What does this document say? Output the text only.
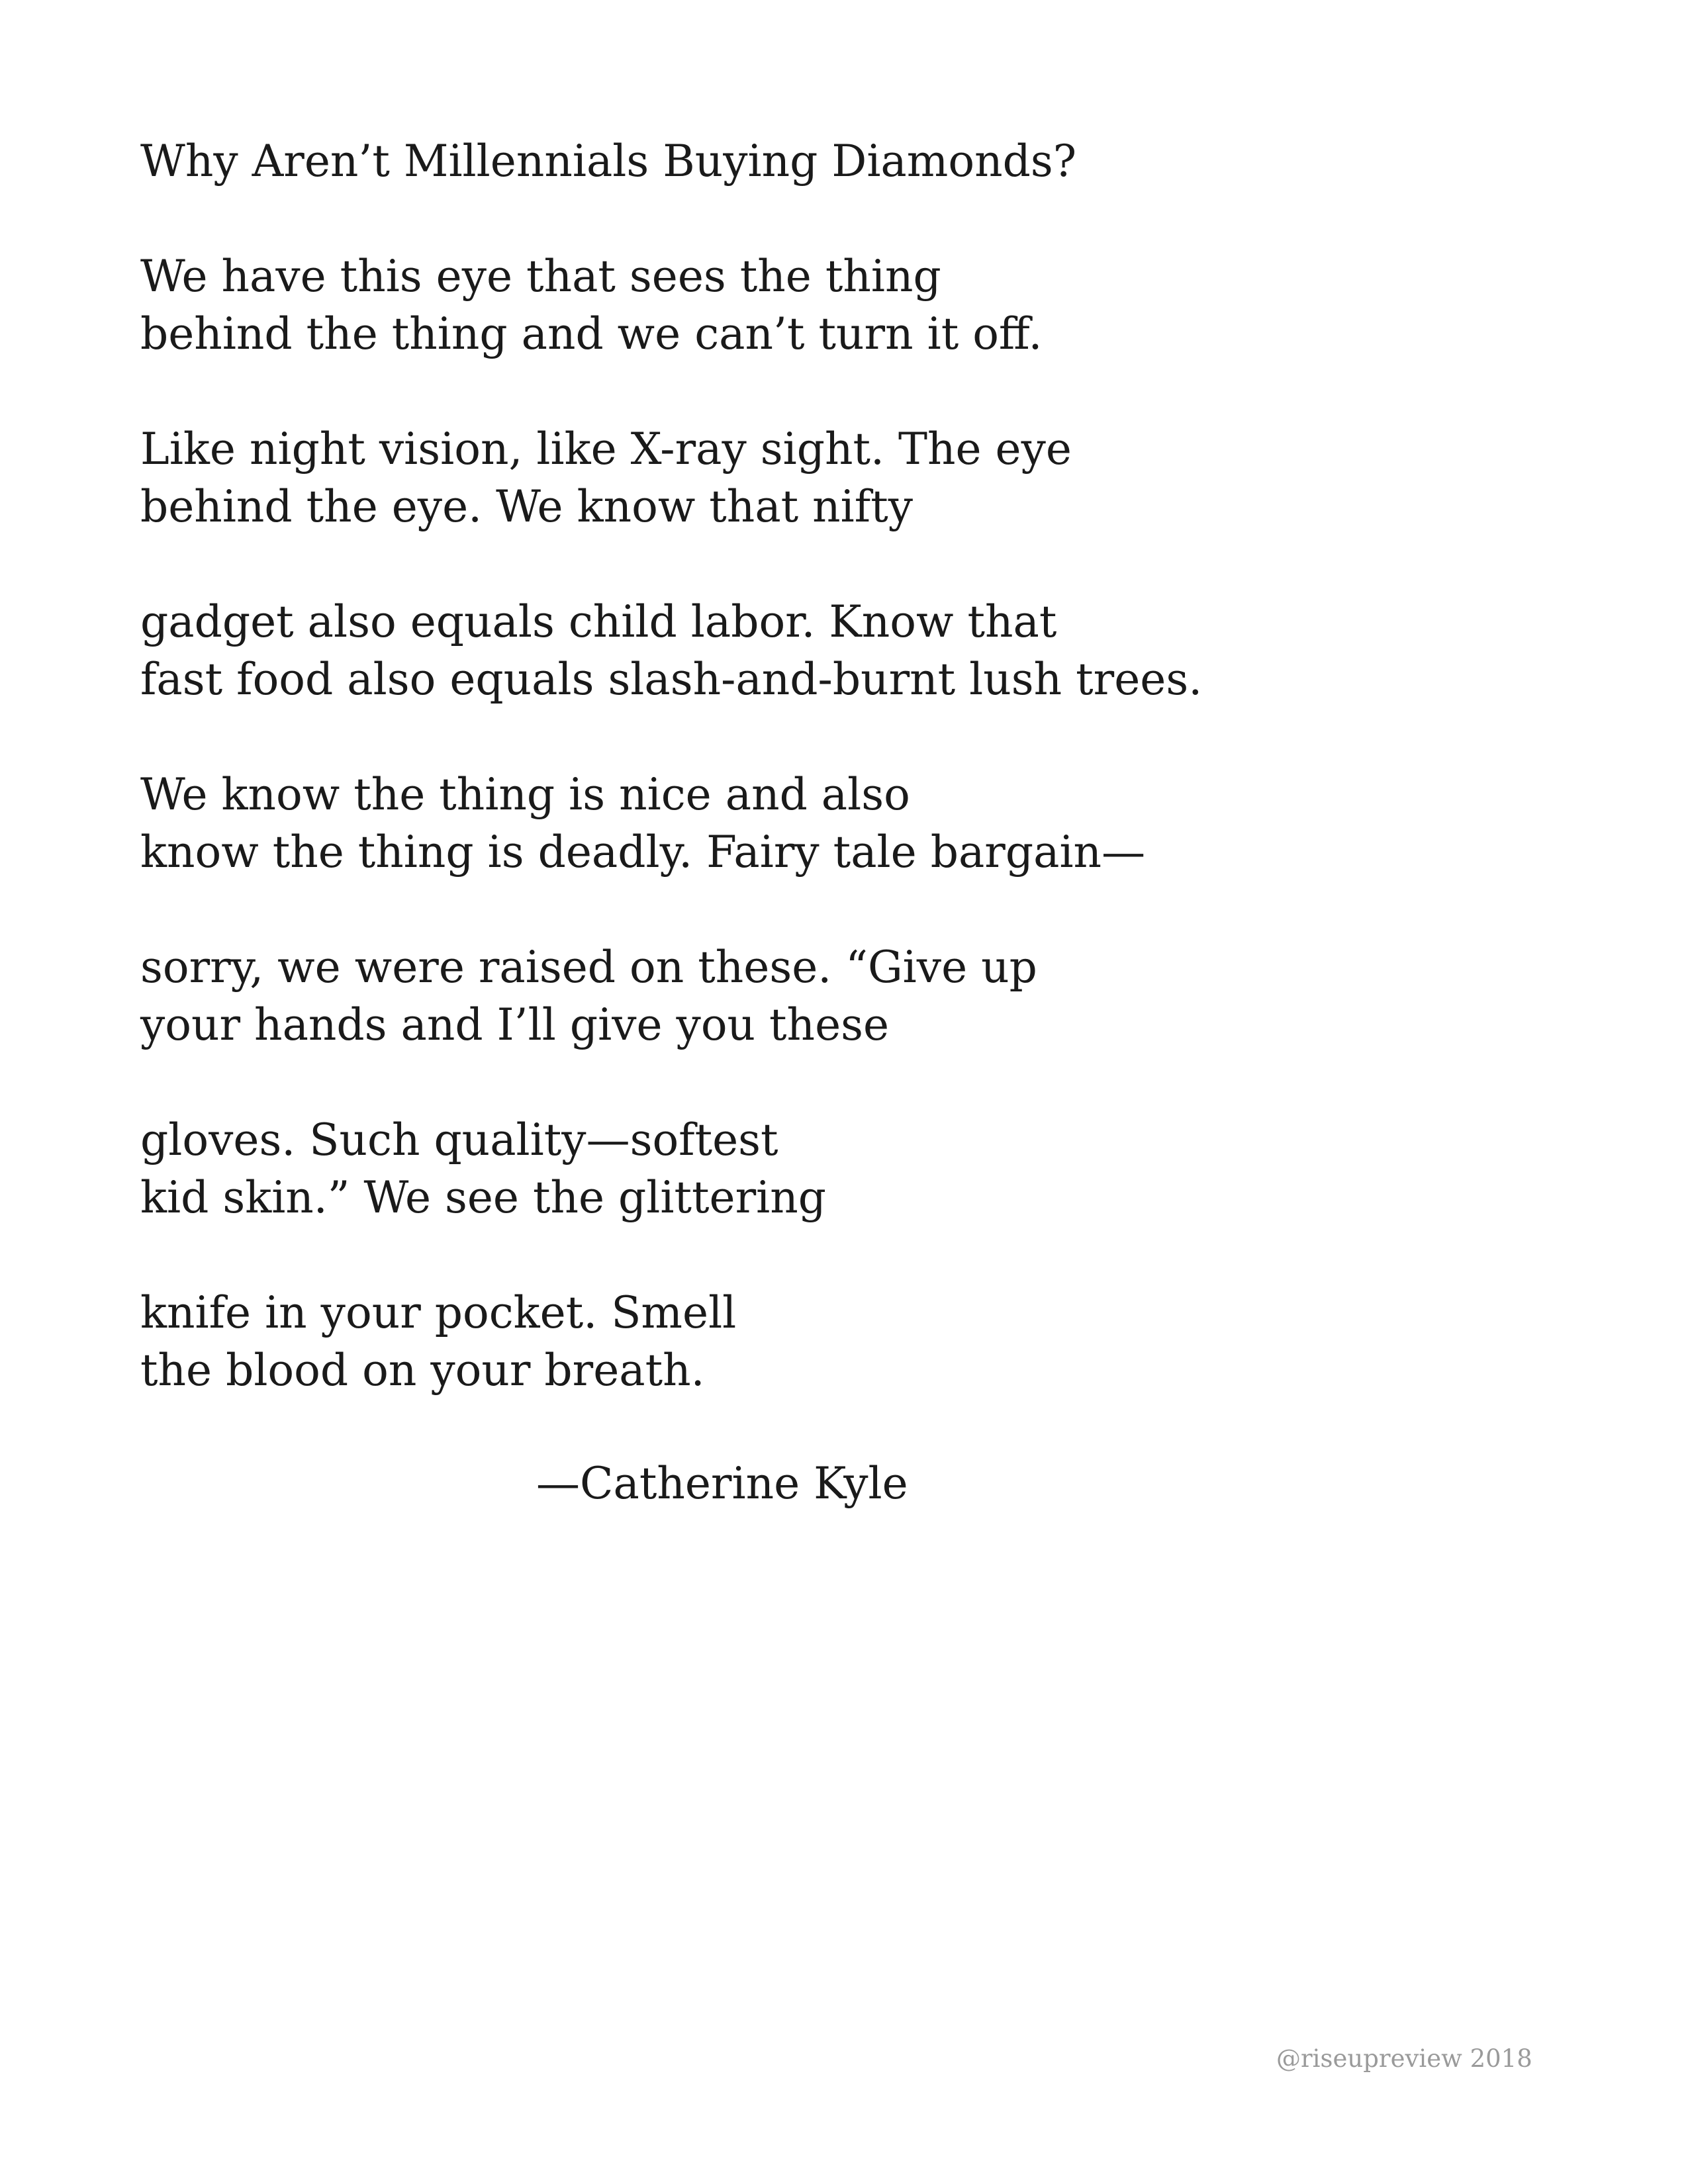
Why Aren’t Millennials Buying Diamonds?
We have this eye that sees the thing
behind the thing and we can’t turn it off.
Like night vision, like X-ray sight. The eye
behind the eye. We know that nifty
gadget also equals child labor. Know that
fast food also equals slash-and-burnt lush trees.
We know the thing is nice and also
know the thing is deadly. Fairy tale bargain—
sorry, we were raised on these. “Give up
your hands and I’ll give you these
gloves. Such quality—softest
kid skin.” We see the glittering
knife in your pocket. Smell
the blood on your breath.
—Catherine Kyle
@riseupreview 2018
